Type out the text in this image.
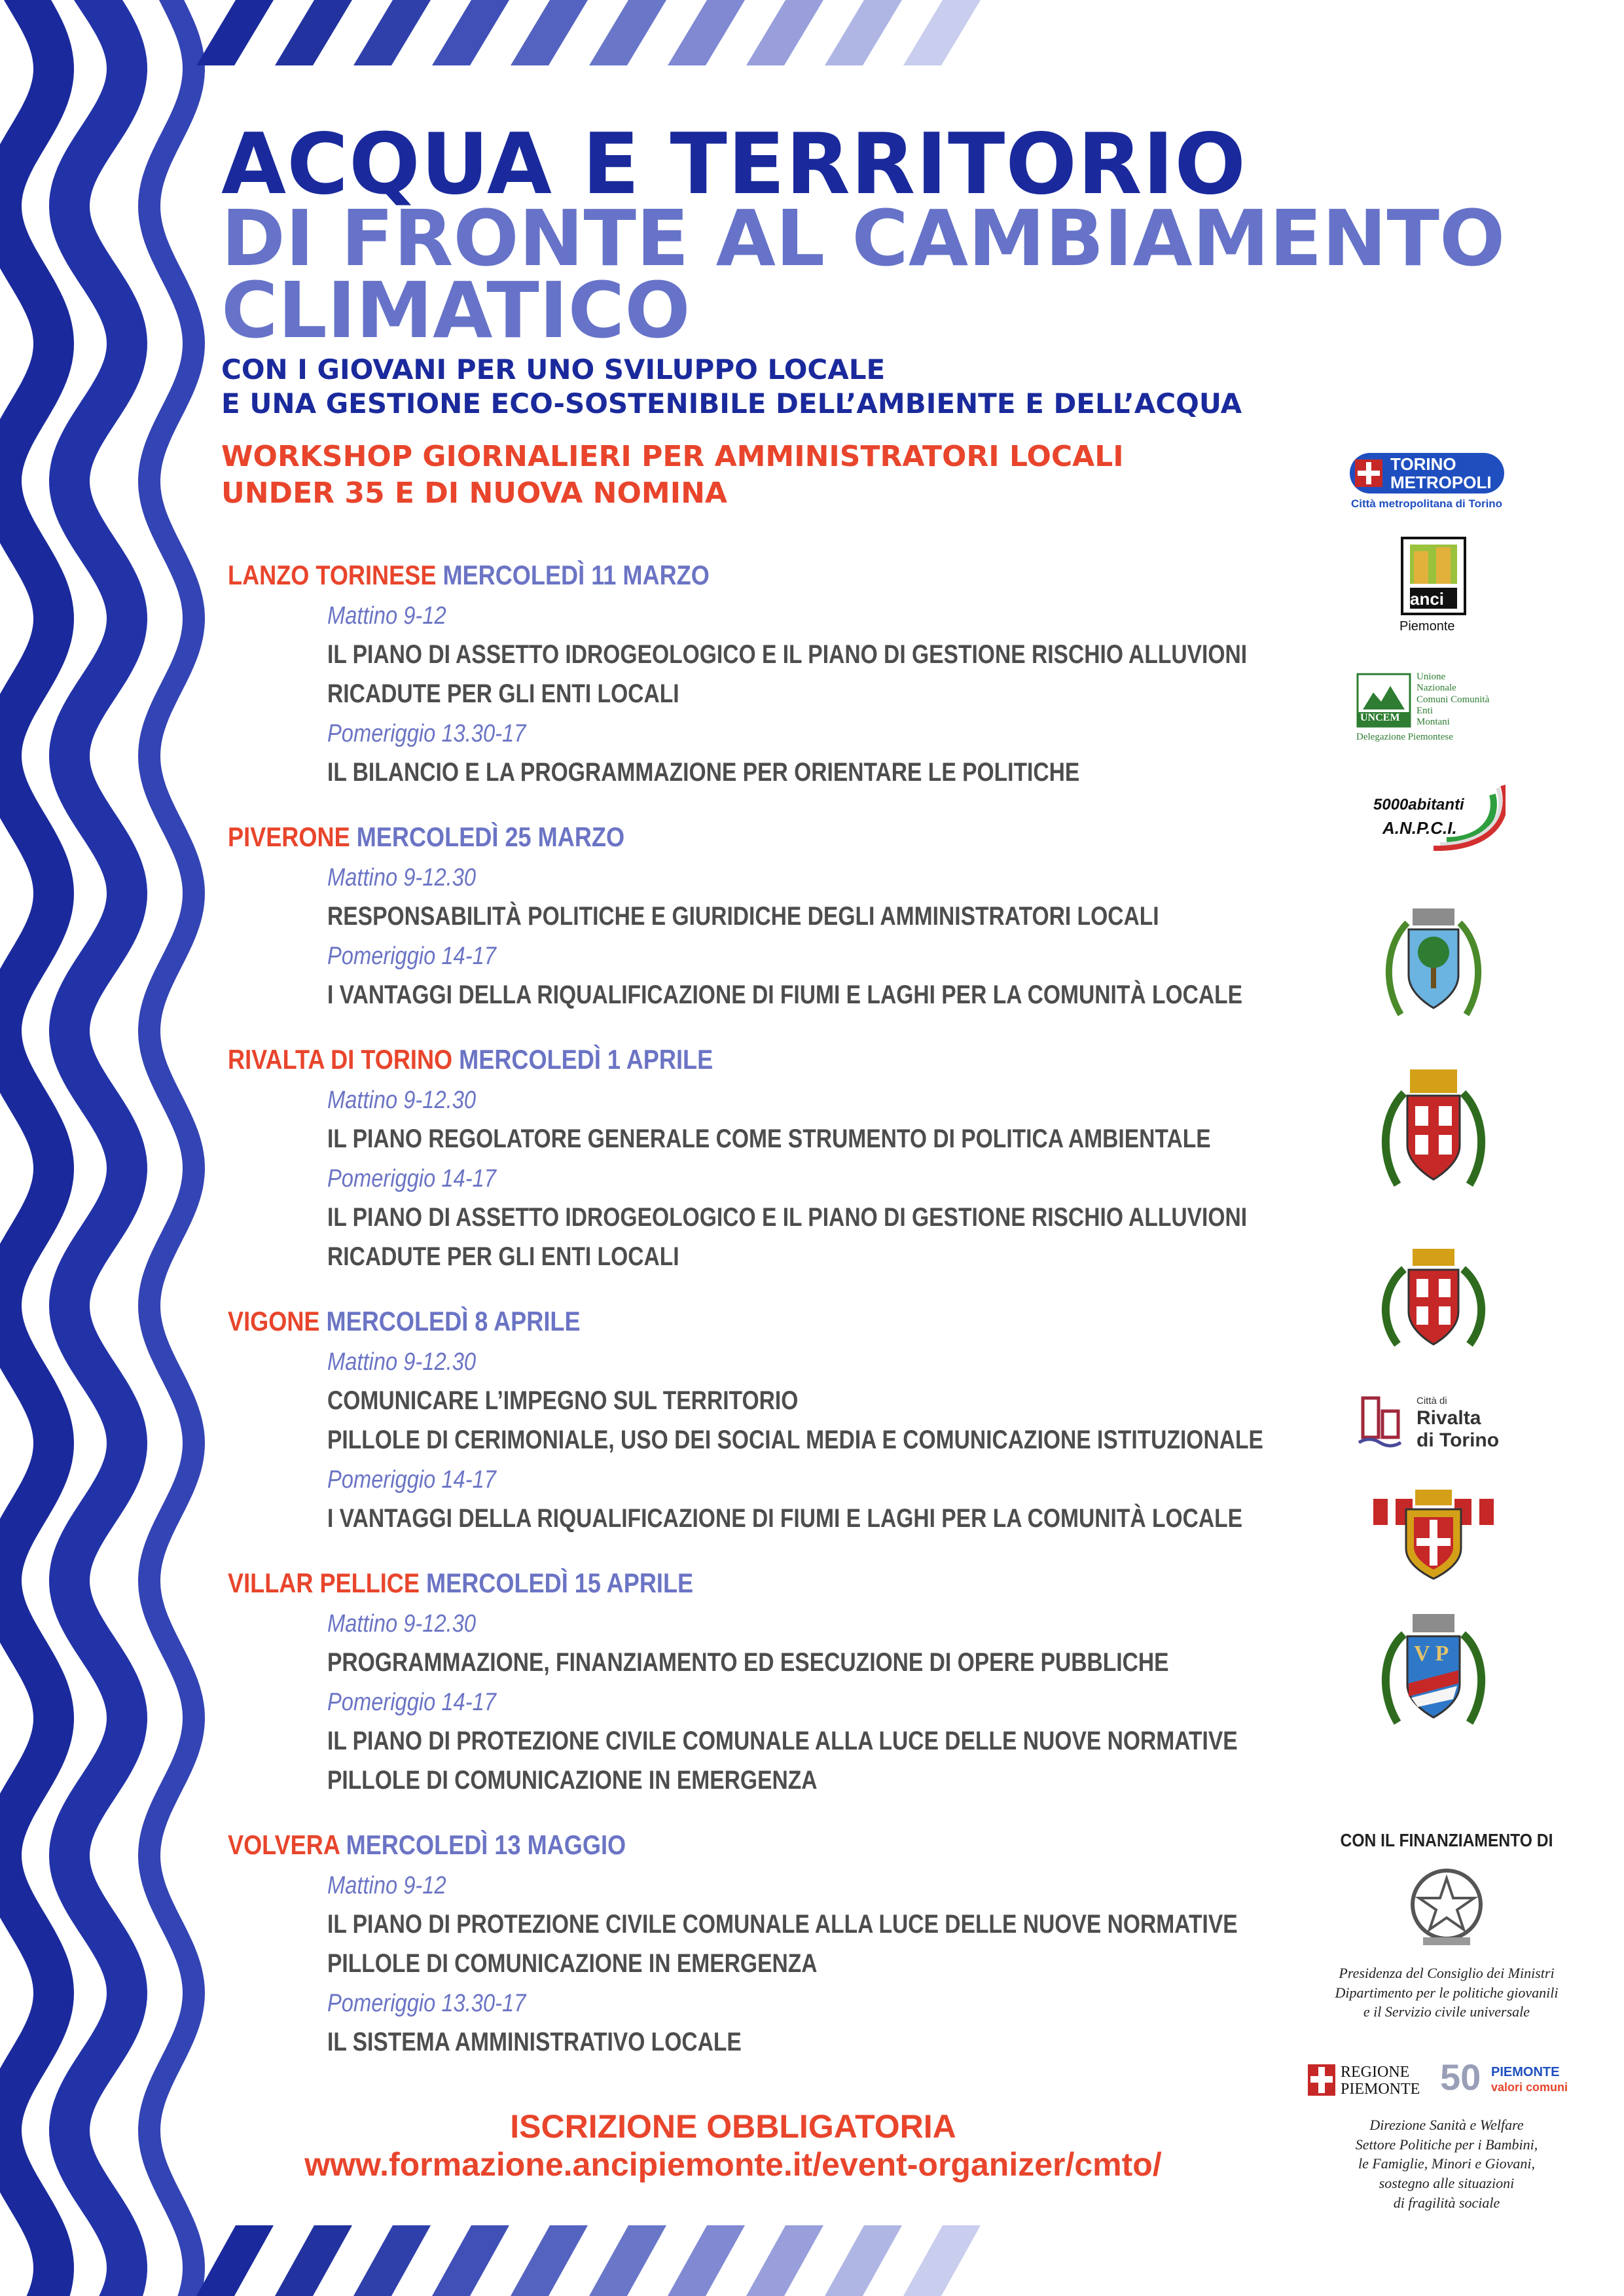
ACQUA E TERRITORIO
DI FRONTE AL CAMBIAMENTO
CLIMATICO
CON I GIOVANI PER UNO SVILUPPO LOCALE
E UNA GESTIONE ECO-SOSTENIBILE DELL’AMBIENTE E DELL’ACQUA
WORKSHOP GIORNALIERI PER AMMINISTRATORI LOCALI
UNDER 35 E DI NUOVA NOMINA
LANZO TORINESE MERCOLEDÌ 11 MARZO
Mattino 9-12
IL PIANO DI ASSETTO IDROGEOLOGICO E IL PIANO DI GESTIONE RISCHIO ALLUVIONI
RICADUTE PER GLI ENTI LOCALI
Pomeriggio 13.30-17
IL BILANCIO E LA PROGRAMMAZIONE PER ORIENTARE LE POLITICHE
PIVERONE MERCOLEDÌ 25 MARZO
Mattino 9-12.30
RESPONSABILITÀ POLITICHE E GIURIDICHE DEGLI AMMINISTRATORI LOCALI
Pomeriggio 14-17
I VANTAGGI DELLA RIQUALIFICAZIONE DI FIUMI E LAGHI PER LA COMUNITÀ LOCALE
RIVALTA DI TORINO MERCOLEDÌ 1 APRILE
Mattino 9-12.30
IL PIANO REGOLATORE GENERALE COME STRUMENTO DI POLITICA AMBIENTALE
Pomeriggio 14-17
IL PIANO DI ASSETTO IDROGEOLOGICO E IL PIANO DI GESTIONE RISCHIO ALLUVIONI
RICADUTE PER GLI ENTI LOCALI
VIGONE MERCOLEDÌ 8 APRILE
Mattino 9-12.30
COMUNICARE L’IMPEGNO SUL TERRITORIO
PILLOLE DI CERIMONIALE, USO DEI SOCIAL MEDIA E COMUNICAZIONE ISTITUZIONALE
Pomeriggio 14-17
I VANTAGGI DELLA RIQUALIFICAZIONE DI FIUMI E LAGHI PER LA COMUNITÀ LOCALE
VILLAR PELLICE MERCOLEDÌ 15 APRILE
Mattino 9-12.30
PROGRAMMAZIONE, FINANZIAMENTO ED ESECUZIONE DI OPERE PUBBLICHE
Pomeriggio 14-17
IL PIANO DI PROTEZIONE CIVILE COMUNALE ALLA LUCE DELLE NUOVE NORMATIVE
PILLOLE DI COMUNICAZIONE IN EMERGENZA
VOLVERA MERCOLEDÌ 13 MAGGIO
Mattino 9-12
IL PIANO DI PROTEZIONE CIVILE COMUNALE ALLA LUCE DELLE NUOVE NORMATIVE
PILLOLE DI COMUNICAZIONE IN EMERGENZA
Pomeriggio 13.30-17
IL SISTEMA AMMINISTRATIVO LOCALE
ISCRIZIONE OBBLIGATORIA
www.formazione.ancipiemonte.it/event-organizer/cmto/
TORINO
METROPOLI
Città metropolitana di Torino
anci
Piemonte
UNCEM
Unione
Nazionale
Comuni Comunità
Enti
Montani
Delegazione Piemontese
5000abitanti
A.N.P.C.I.
Città di
Rivalta
di Torino
V P
CON IL FINANZIAMENTO DI
Presidenza del Consiglio dei Ministri
Dipartimento per le politiche giovanili
e il Servizio civile universale
REGIONE
PIEMONTE 50 PIEMONTE
valori comuni
Direzione Sanità e Welfare
Settore Politiche per i Bambini,
le Famiglie, Minori e Giovani,
sostegno alle situazioni
di fragilità sociale
